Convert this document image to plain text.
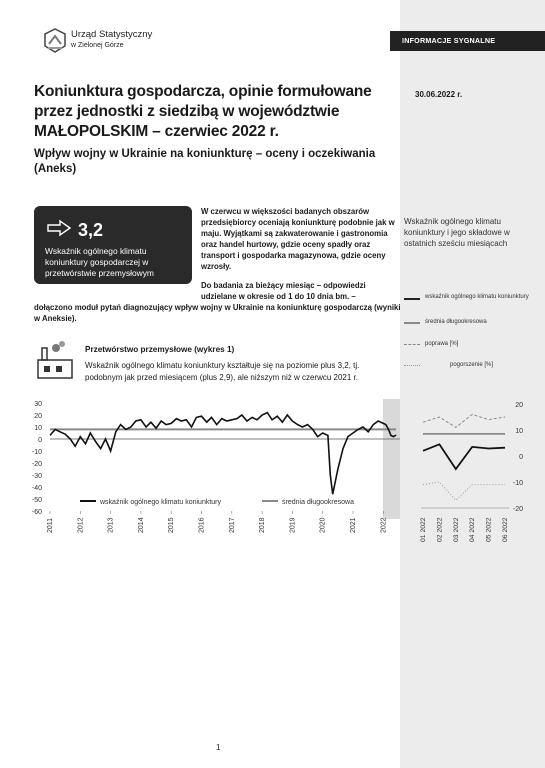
INFORMACJE SYGNALNE
Urząd Statystyczny
w Zielonej Górze
30.06.2022 r.
Koniunktura gospodarcza, opinie formułowane przez jednostki z siedzibą w województwie MAŁOPOLSKIM – czerwiec 2022 r.
Wpływ wojny w Ukrainie na koniunkturę – oceny i oczekiwania (Aneks)
3,2
Wskaźnik ogólnego klimatu koniunktury gospodarczej w przetwórstwie przemysłowym
W czerwcu w większości badanych obszarów przedsiębiorcy oceniają koniunkturę podobnie jak w maju. Wyjątkami są zakwaterowanie i gastronomia oraz handel hurtowy, gdzie oceny spadły oraz transport i gospodarka magazynowa, gdzie oceny wzrosły.
Do badania za bieżący miesiąc – odpowiedzi udzielane w okresie od 1 do 10 dnia bm. –
dołączono moduł pytań diagnozujący wpływ wojny w Ukrainie na koniunkturę gospodarczą (wyniki w Aneksie).
Wskaźnik ogólnego klimatu koniunktury i jego składowe w ostatnich sześciu miesiącach
wskaźnik ogólnego klimatu koniunktury
średnia długookresowa
poprawa [%]
pogorszenie [%]
Przetwórstwo przemysłowe (wykres 1)
Wskaźnik ogólnego klimatu koniunktury kształtuje się na poziomie plus 3,2, tj. podobnym jak przed miesiącem (plus 2,9), ale niższym niż w czerwcu 2021 r.
30
20
10
0
-10
-20
-30
-40
-50
-60
2011	2012	2013	2014	2015	2016	2017	2018	2019	2020	2021	2022
wskaźnik ogólnego klimatu koniunktury	średnia długookresowa
20
10
0
-10
-20
01 2022 02 2022 03 2022 04 2022 05 2022 06 2022
1
